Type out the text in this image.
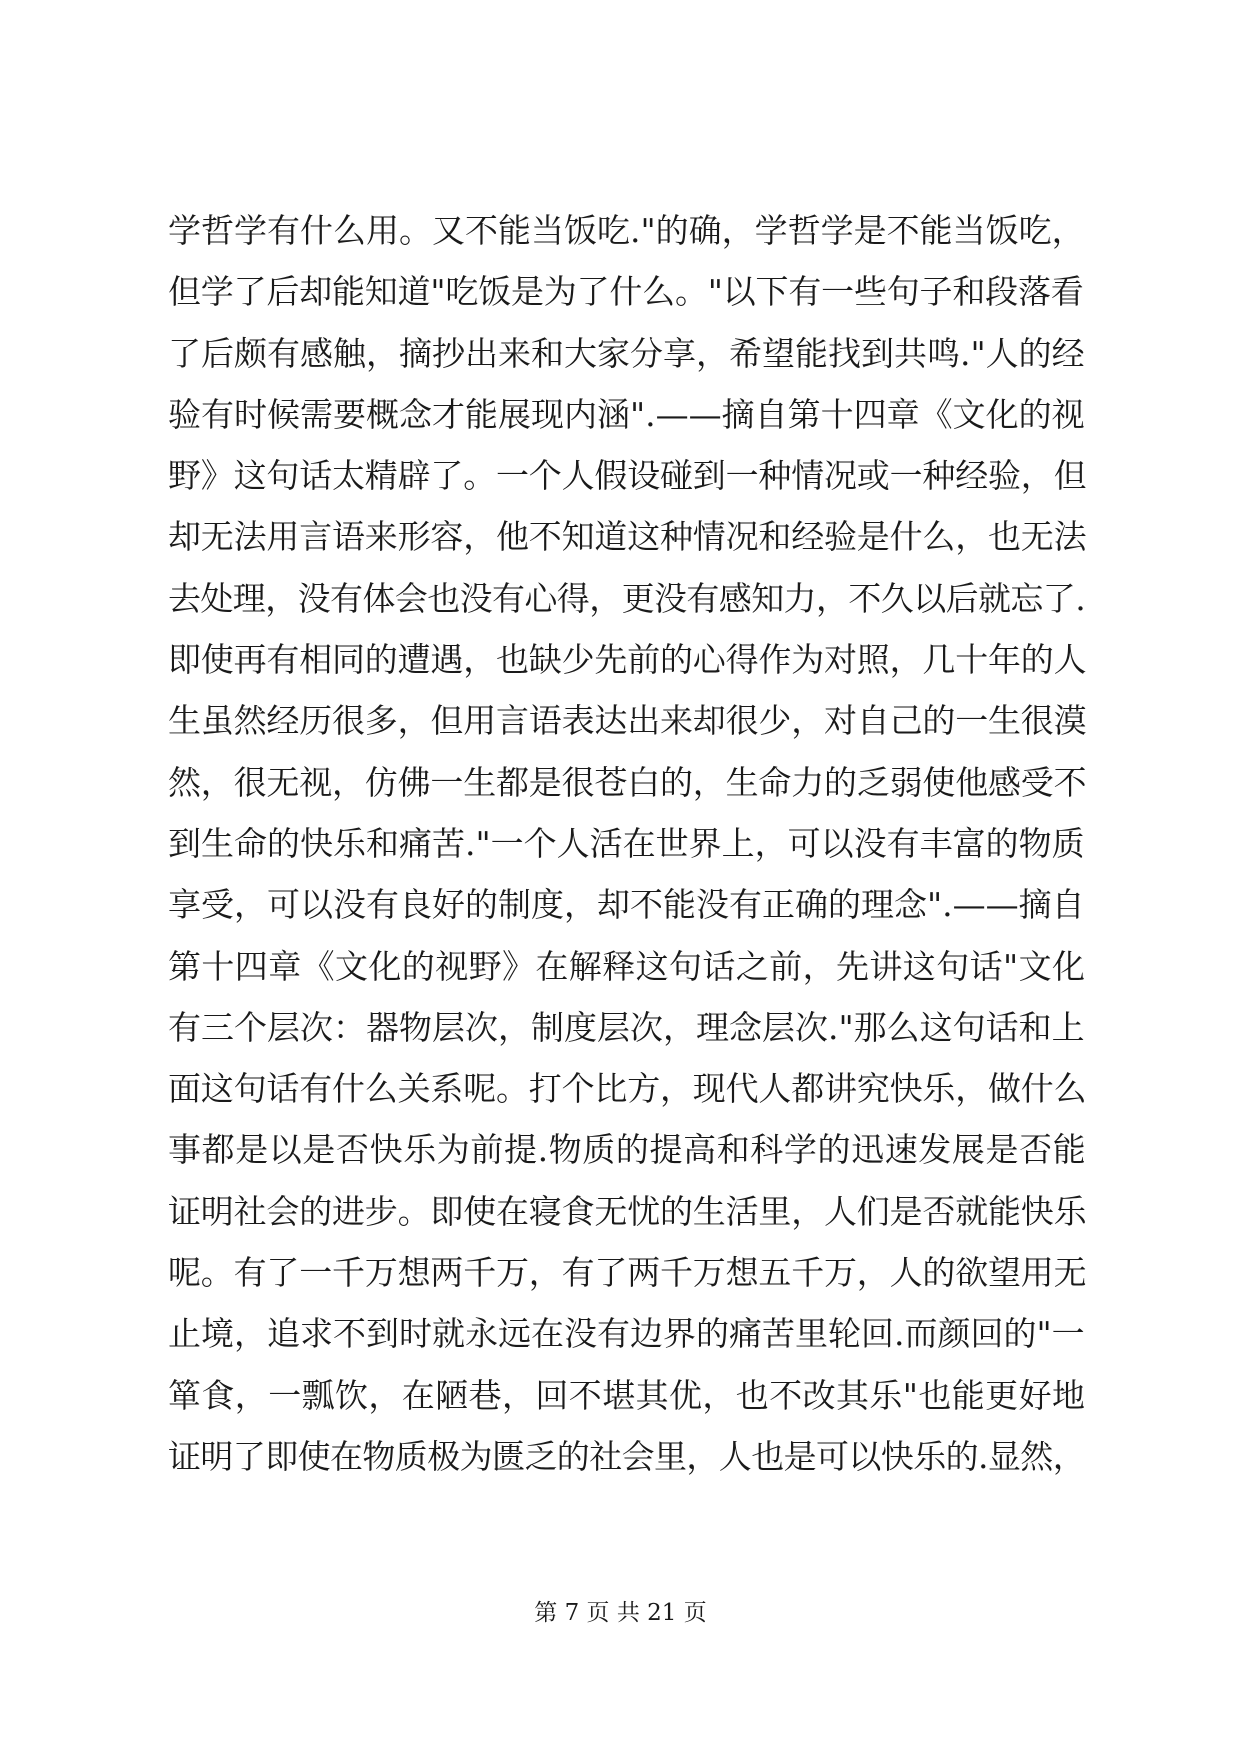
学哲学有什么用。又不能当饭吃."的确，学哲学是不能当饭吃，
但学了后却能知道"吃饭是为了什么。"以下有一些句子和段落看
了后颇有感触，摘抄出来和大家分享，希望能找到共鸣."人的经
验有时候需要概念才能展现内涵".——摘自第十四章《文化的视
野》这句话太精辟了。一个人假设碰到一种情况或一种经验，但
却无法用言语来形容，他不知道这种情况和经验是什么，也无法
去处理，没有体会也没有心得，更没有感知力，不久以后就忘了.
即使再有相同的遭遇，也缺少先前的心得作为对照，几十年的人
生虽然经历很多，但用言语表达出来却很少，对自己的一生很漠
然，很无视，仿佛一生都是很苍白的，生命力的乏弱使他感受不
到生命的快乐和痛苦."一个人活在世界上，可以没有丰富的物质
享受，可以没有良好的制度，却不能没有正确的理念".——摘自
第十四章《文化的视野》在解释这句话之前，先讲这句话"文化
有三个层次：器物层次，制度层次，理念层次."那么这句话和上
面这句话有什么关系呢。打个比方，现代人都讲究快乐，做什么
事都是以是否快乐为前提.物质的提高和科学的迅速发展是否能
证明社会的进步。即使在寝食无忧的生活里，人们是否就能快乐
呢。有了一千万想两千万，有了两千万想五千万，人的欲望用无
止境，追求不到时就永远在没有边界的痛苦里轮回.而颜回的"一
箪食，一瓢饮，在陋巷，回不堪其优，也不改其乐"也能更好地
证明了即使在物质极为匮乏的社会里，人也是可以快乐的.显然，
第 7 页 共 21 页
